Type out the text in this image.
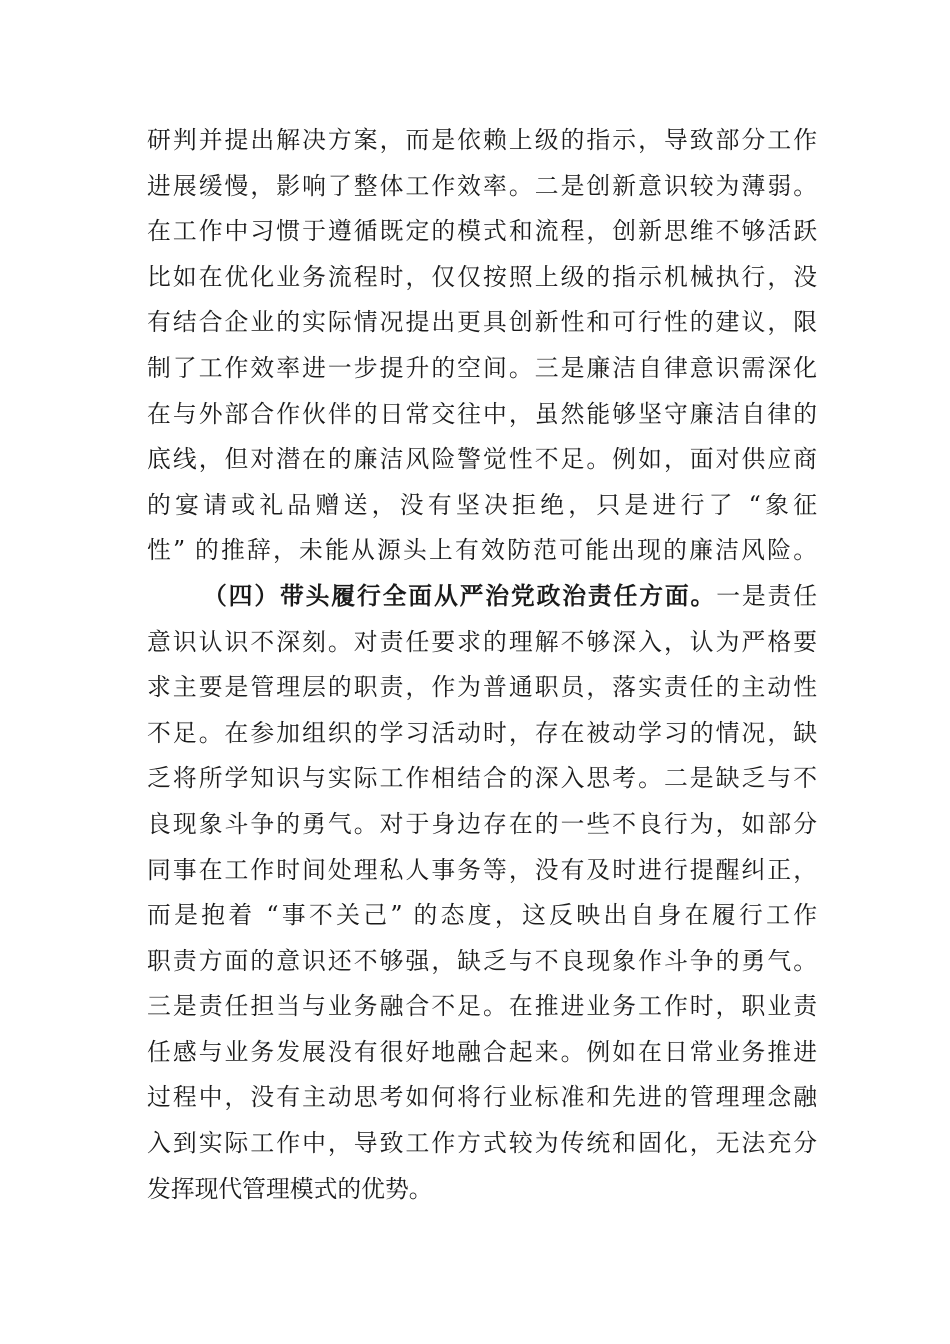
研判并提出解决方案，而是依赖上级的指示，导致部分工作
进展缓慢，影响了整体工作效率。二是创新意识较为薄弱。
在工作中习惯于遵循既定的模式和流程，创新思维不够活跃
比如在优化业务流程时，仅仅按照上级的指示机械执行，没
有结合企业的实际情况提出更具创新性和可行性的建议，限
制了工作效率进一步提升的空间。三是廉洁自律意识需深化
在与外部合作伙伴的日常交往中，虽然能够坚守廉洁自律的
底线，但对潜在的廉洁风险警觉性不足。例如，面对供应商
的宴请或礼品赠送，没有坚决拒绝，只是进行了 “象征
性” 的推辞，未能从源头上有效防范可能出现的廉洁风险。
（四）带头履行全面从严治党政治责任方面。一是责任
意识认识不深刻。对责任要求的理解不够深入，认为严格要
求主要是管理层的职责，作为普通职员，落实责任的主动性
不足。在参加组织的学习活动时，存在被动学习的情况，缺
乏将所学知识与实际工作相结合的深入思考。二是缺乏与不
良现象斗争的勇气。对于身边存在的一些不良行为，如部分
同事在工作时间处理私人事务等，没有及时进行提醒纠正，
而是抱着 “事不关己” 的态度，这反映出自身在履行工作
职责方面的意识还不够强，缺乏与不良现象作斗争的勇气。
三是责任担当与业务融合不足。在推进业务工作时，职业责
任感与业务发展没有很好地融合起来。例如在日常业务推进
过程中，没有主动思考如何将行业标准和先进的管理理念融
入到实际工作中，导致工作方式较为传统和固化，无法充分
发挥现代管理模式的优势。
